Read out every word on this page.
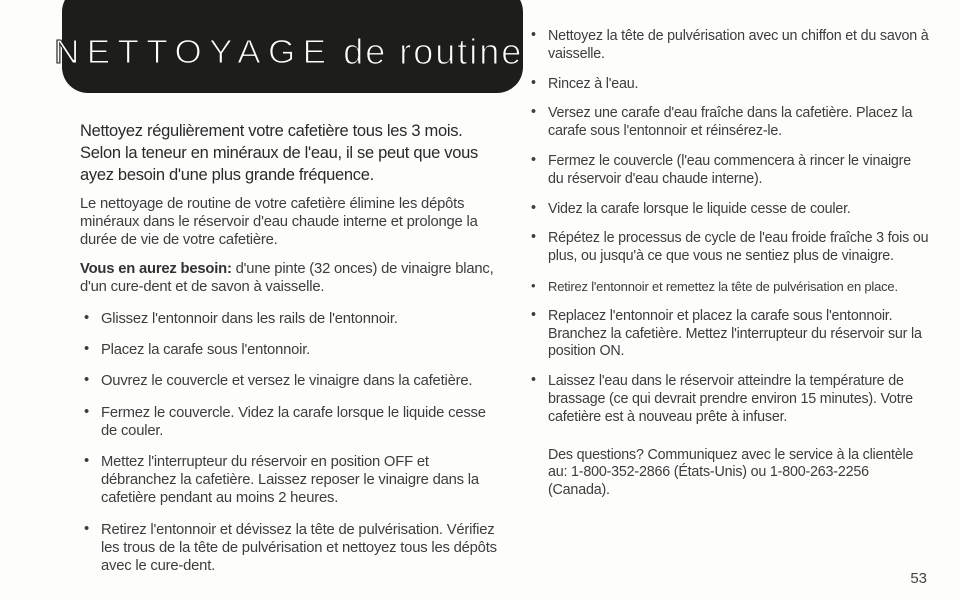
NETTOYAGE de routine

Nettoyez régulièrement votre cafetière tous les 3 mois. Selon la teneur en minéraux de l'eau, il se peut que vous ayez besoin d'une plus grande fréquence.

Le nettoyage de routine de votre cafetière élimine les dépôts minéraux dans le réservoir d'eau chaude interne et prolonge la durée de vie de votre cafetière.

Vous en aurez besoin: d'une pinte (32 onces) de vinaigre blanc, d'un cure-dent et de savon à vaisselle.

• Glissez l'entonnoir dans les rails de l'entonnoir.
• Placez la carafe sous l'entonnoir.
• Ouvrez le couvercle et versez le vinaigre dans la cafetière.
• Fermez le couvercle. Videz la carafe lorsque le liquide cesse de couler.
• Mettez l'interrupteur du réservoir en position OFF et débranchez la cafetière. Laissez reposer le vinaigre dans la cafetière pendant au moins 2 heures.
• Retirez l'entonnoir et dévissez la tête de pulvérisation. Vérifiez les trous de la tête de pulvérisation et nettoyez tous les dépôts avec le cure-dent.
• Nettoyez la tête de pulvérisation avec un chiffon et du savon à vaisselle.
• Rincez à l'eau.
• Versez une carafe d'eau fraîche dans la cafetière. Placez la carafe sous l'entonnoir et réinsérez-le.
• Fermez le couvercle (l'eau commencera à rincer le vinaigre du réservoir d'eau chaude interne).
• Videz la carafe lorsque le liquide cesse de couler.
• Répétez le processus de cycle de l'eau froide fraîche 3 fois ou plus, ou jusqu'à ce que vous ne sentiez plus de vinaigre.
• Retirez l'entonnoir et remettez la tête de pulvérisation en place.
• Replacez l'entonnoir et placez la carafe sous l'entonnoir. Branchez la cafetière. Mettez l'interrupteur du réservoir sur la position ON.
• Laissez l'eau dans le réservoir atteindre la température de brassage (ce qui devrait prendre environ 15 minutes). Votre cafetière est à nouveau prête à infuser.

Des questions? Communiquez avec le service à la clientèle au: 1-800-352-2866 (États-Unis) ou 1-800-263-2256 (Canada).

53
